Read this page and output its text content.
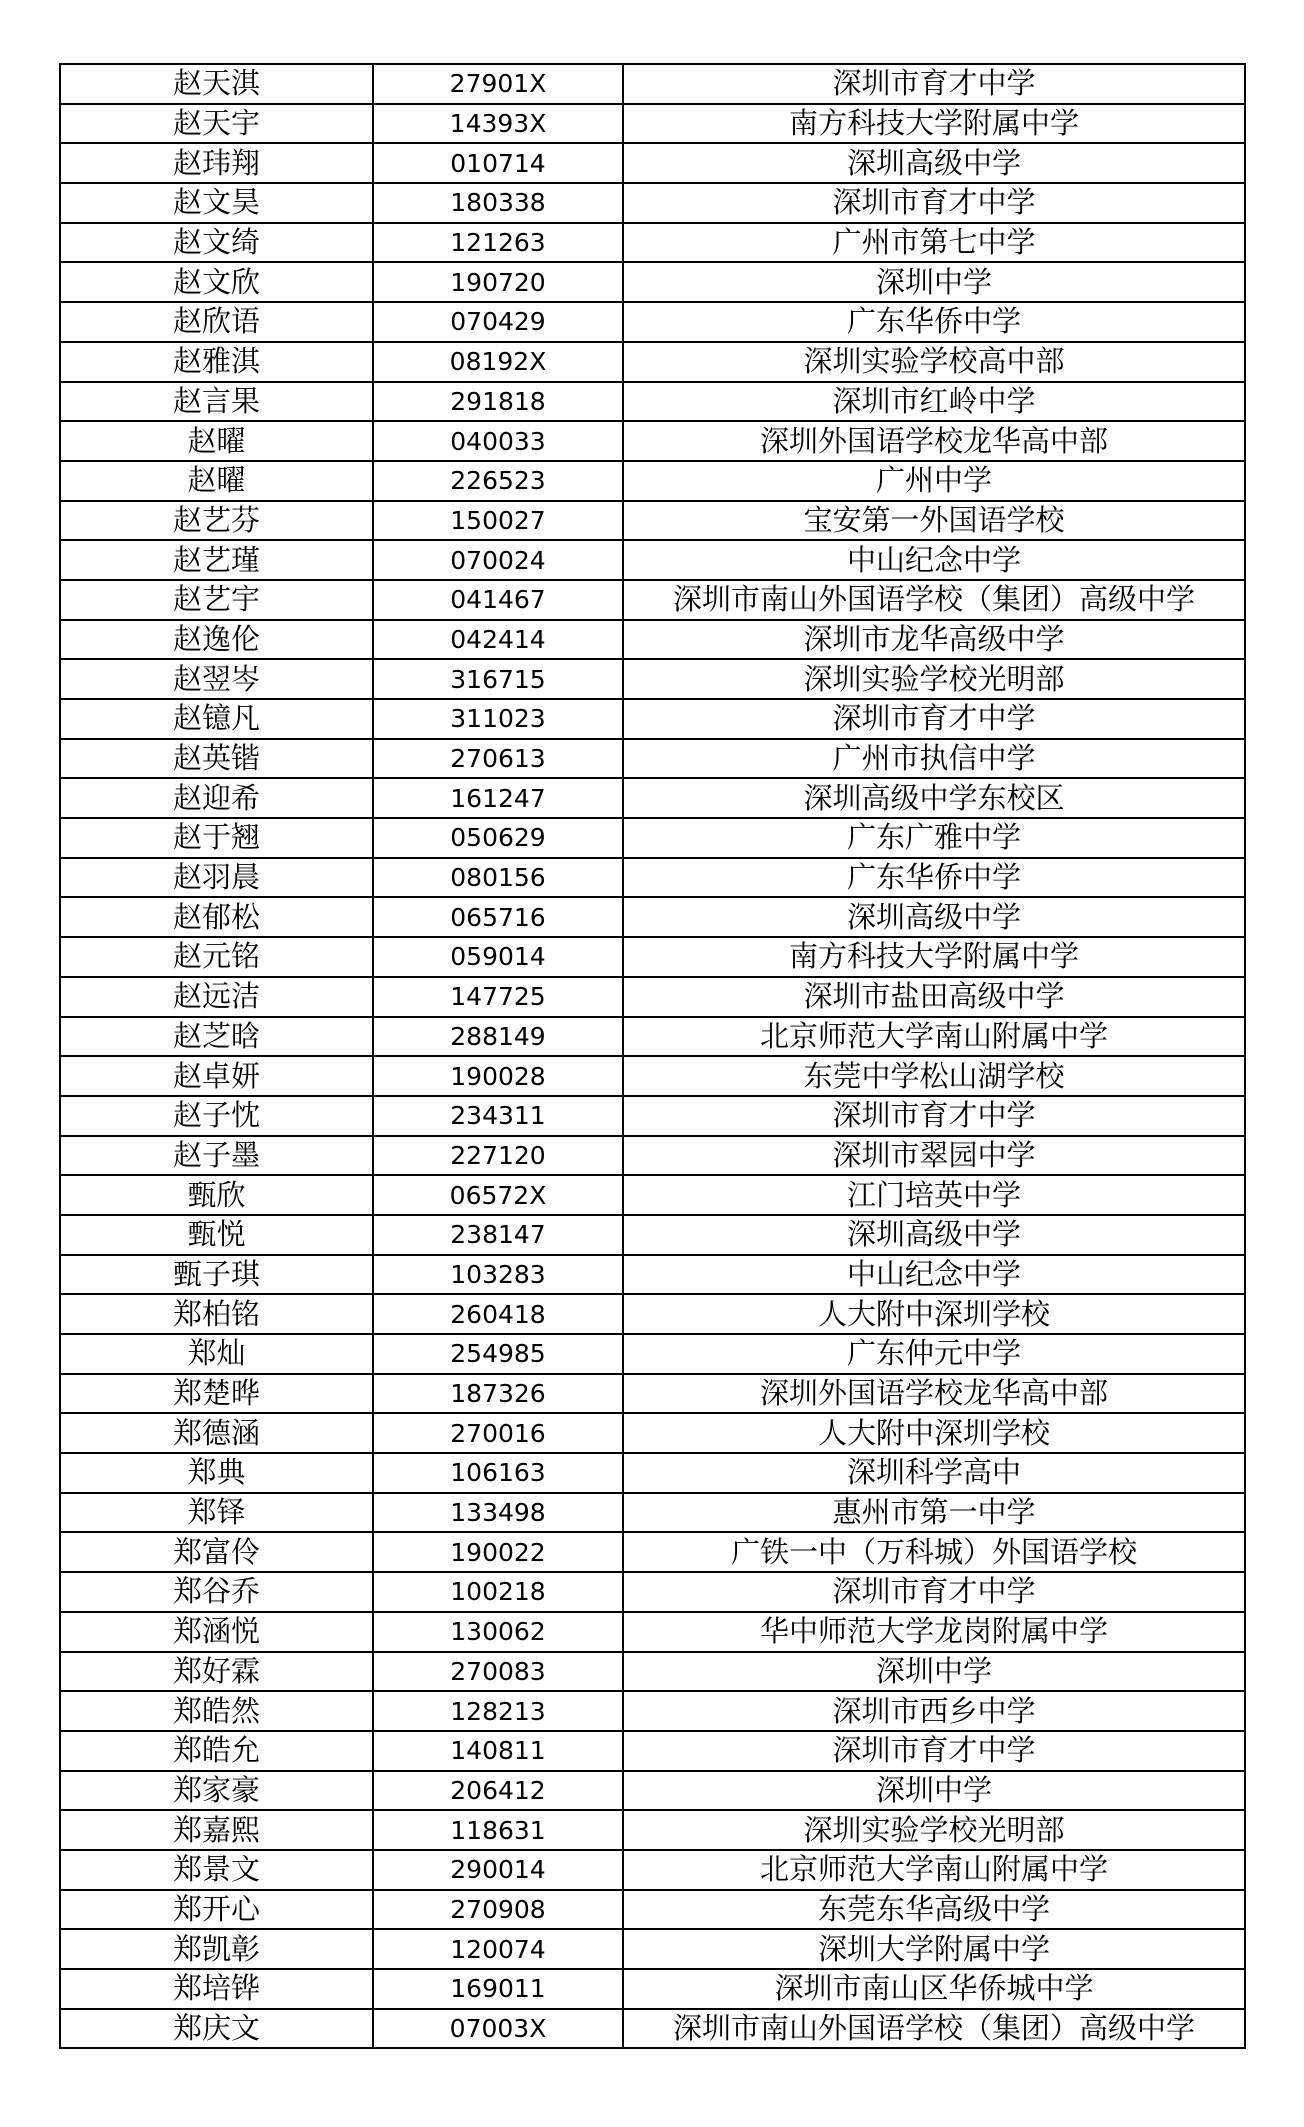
赵天淇	27901X	深圳市育才中学
赵天宇	14393X	南方科技大学附属中学
赵玮翔	010714	深圳高级中学
赵文昊	180338	深圳市育才中学
赵文绮	121263	广州市第七中学
赵文欣	190720	深圳中学
赵欣语	070429	广东华侨中学
赵雅淇	08192X	深圳实验学校高中部
赵言果	291818	深圳市红岭中学
赵曜	040033	深圳外国语学校龙华高中部
赵曜	226523	广州中学
赵艺芬	150027	宝安第一外国语学校
赵艺瑾	070024	中山纪念中学
赵艺宇	041467	深圳市南山外国语学校（集团）高级中学
赵逸伦	042414	深圳市龙华高级中学
赵翌岑	316715	深圳实验学校光明部
赵镱凡	311023	深圳市育才中学
赵英锴	270613	广州市执信中学
赵迎希	161247	深圳高级中学东校区
赵于翘	050629	广东广雅中学
赵羽晨	080156	广东华侨中学
赵郁松	065716	深圳高级中学
赵元铭	059014	南方科技大学附属中学
赵远洁	147725	深圳市盐田高级中学
赵芝晗	288149	北京师范大学南山附属中学
赵卓妍	190028	东莞中学松山湖学校
赵子忱	234311	深圳市育才中学
赵子墨	227120	深圳市翠园中学
甄欣	06572X	江门培英中学
甄悦	238147	深圳高级中学
甄子琪	103283	中山纪念中学
郑柏铭	260418	人大附中深圳学校
郑灿	254985	广东仲元中学
郑楚晔	187326	深圳外国语学校龙华高中部
郑德涵	270016	人大附中深圳学校
郑典	106163	深圳科学高中
郑铎	133498	惠州市第一中学
郑富伶	190022	广铁一中（万科城）外国语学校
郑谷乔	100218	深圳市育才中学
郑涵悦	130062	华中师范大学龙岗附属中学
郑好霖	270083	深圳中学
郑皓然	128213	深圳市西乡中学
郑皓允	140811	深圳市育才中学
郑家豪	206412	深圳中学
郑嘉熙	118631	深圳实验学校光明部
郑景文	290014	北京师范大学南山附属中学
郑开心	270908	东莞东华高级中学
郑凯彰	120074	深圳大学附属中学
郑培铧	169011	深圳市南山区华侨城中学
郑庆文	07003X	深圳市南山外国语学校（集团）高级中学
